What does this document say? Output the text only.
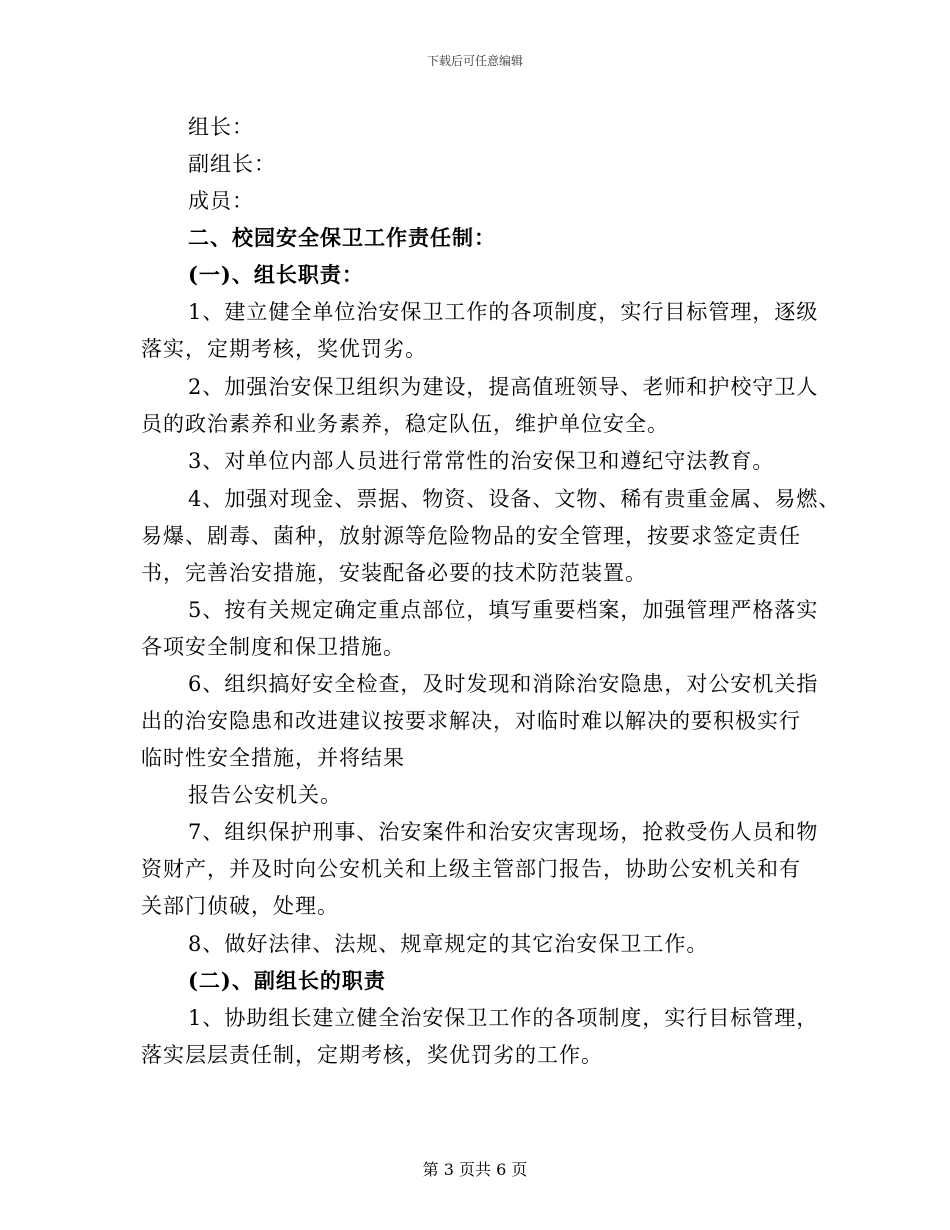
下载后可任意编辑
组长：
副组长：
成员：
二、校园安全保卫工作责任制：
(一)、组长职责：
1、建立健全单位治安保卫工作的各项制度，实行目标管理，逐级
落实，定期考核，奖优罚劣。
2、加强治安保卫组织为建设，提高值班领导、老师和护校守卫人
员的政治素养和业务素养，稳定队伍，维护单位安全。
3、对单位内部人员进行常常性的治安保卫和遵纪守法教育。
4、加强对现金、票据、物资、设备、文物、稀有贵重金属、易燃、
易爆、剧毒、菌种，放射源等危险物品的安全管理，按要求签定责任
书，完善治安措施，安装配备必要的技术防范装置。
5、按有关规定确定重点部位，填写重要档案，加强管理严格落实
各项安全制度和保卫措施。
6、组织搞好安全检查，及时发现和消除治安隐患，对公安机关指
出的治安隐患和改进建议按要求解决，对临时难以解决的要积极实行
临时性安全措施，并将结果
报告公安机关。
7、组织保护刑事、治安案件和治安灾害现场，抢救受伤人员和物
资财产，并及时向公安机关和上级主管部门报告，协助公安机关和有
关部门侦破，处理。
8、做好法律、法规、规章规定的其它治安保卫工作。
(二)、副组长的职责
1、协助组长建立健全治安保卫工作的各项制度，实行目标管理，
落实层层责任制，定期考核，奖优罚劣的工作。
第 3 页共 6 页
